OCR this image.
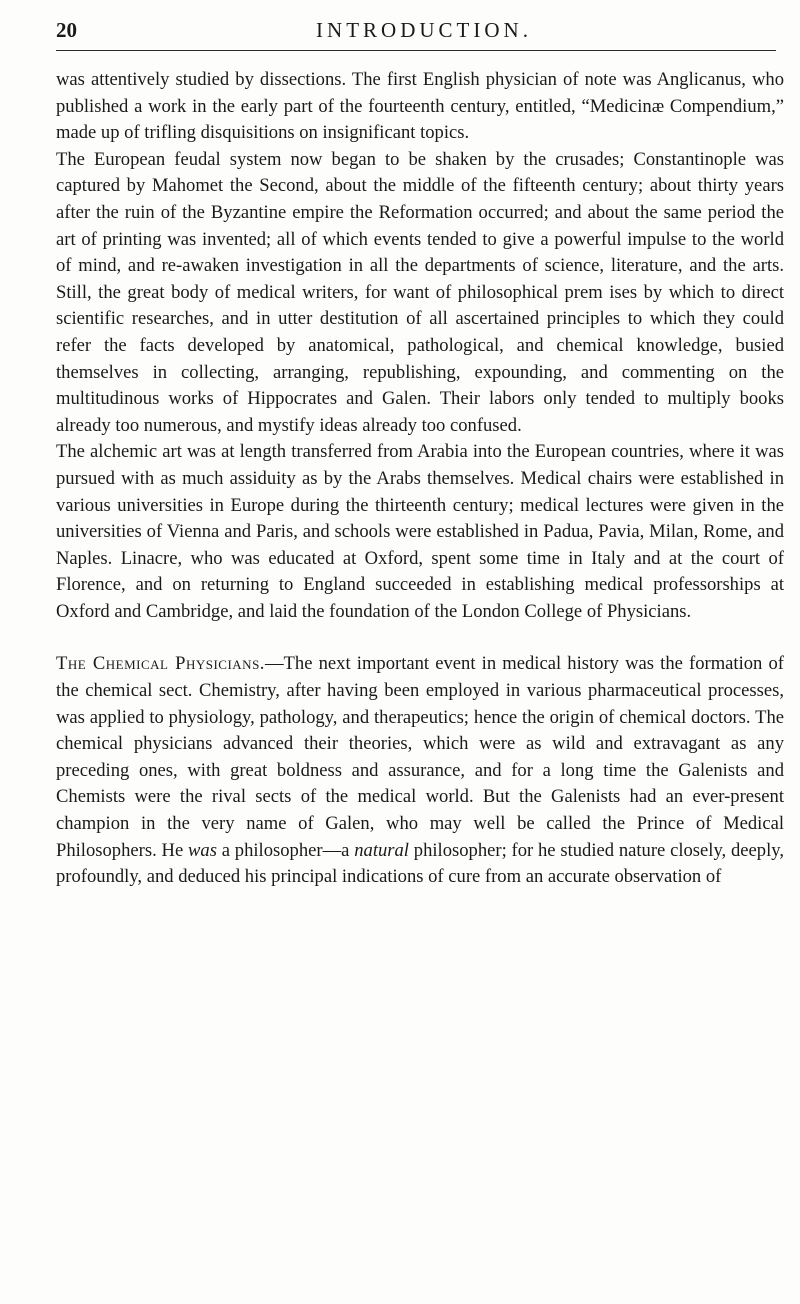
20	INTRODUCTION.

was attentively studied by dissections. The first English physician of note was Anglicanus, who published a work in the early part of the fourteenth century, entitled, “Medicinæ Compendium,” made up of trifling disquisitions on insignificant topics.

The European feudal system now began to be shaken by the crusades; Constantinople was captured by Mahomet the Second, about the middle of the fifteenth century; about thirty years after the ruin of the Byzantine empire the Reformation occurred; and about the same period the art of printing was invented; all of which events tended to give a powerful impulse to the world of mind, and re-awaken investigation in all the departments of science, literature, and the arts. Still, the great body of medical writers, for want of philosophical prem ises by which to direct scientific researches, and in utter destitution of all ascertained principles to which they could refer the facts developed by anatomical, pathological, and chemical knowledge, busied themselves in collecting, arranging, republishing, expounding, and commenting on the multitudinous works of Hippocrates and Galen. Their labors only tended to multiply books already too numerous, and mystify ideas already too confused.

The alchemic art was at length transferred from Arabia into the European countries, where it was pursued with as much assiduity as by the Arabs themselves. Medical chairs were established in various universities in Europe during the thirteenth century; medical lectures were given in the universities of Vienna and Paris, and schools were established in Padua, Pavia, Milan, Rome, and Naples. Linacre, who was educated at Oxford, spent some time in Italy and at the court of Florence, and on returning to England succeeded in establishing medical professorships at Oxford and Cambridge, and laid the foundation of the London College of Physicians.

The Chemical Physicians.—The next important event in medical history was the formation of the chemical sect. Chemistry, after having been employed in various pharmaceutical processes, was applied to physiology, pathology, and therapeutics; hence the origin of chemical doctors. The chemical physicians advanced their theories, which were as wild and extravagant as any preceding ones, with great boldness and assurance, and for a long time the Galenists and Chemists were the rival sects of the medical world. But the Galenists had an ever-present champion in the very name of Galen, who may well be called the Prince of Medical Philosophers. He was a philosopher—a natural philosopher; for he studied nature closely, deeply, profoundly, and deduced his principal indications of cure from an accurate observation of
